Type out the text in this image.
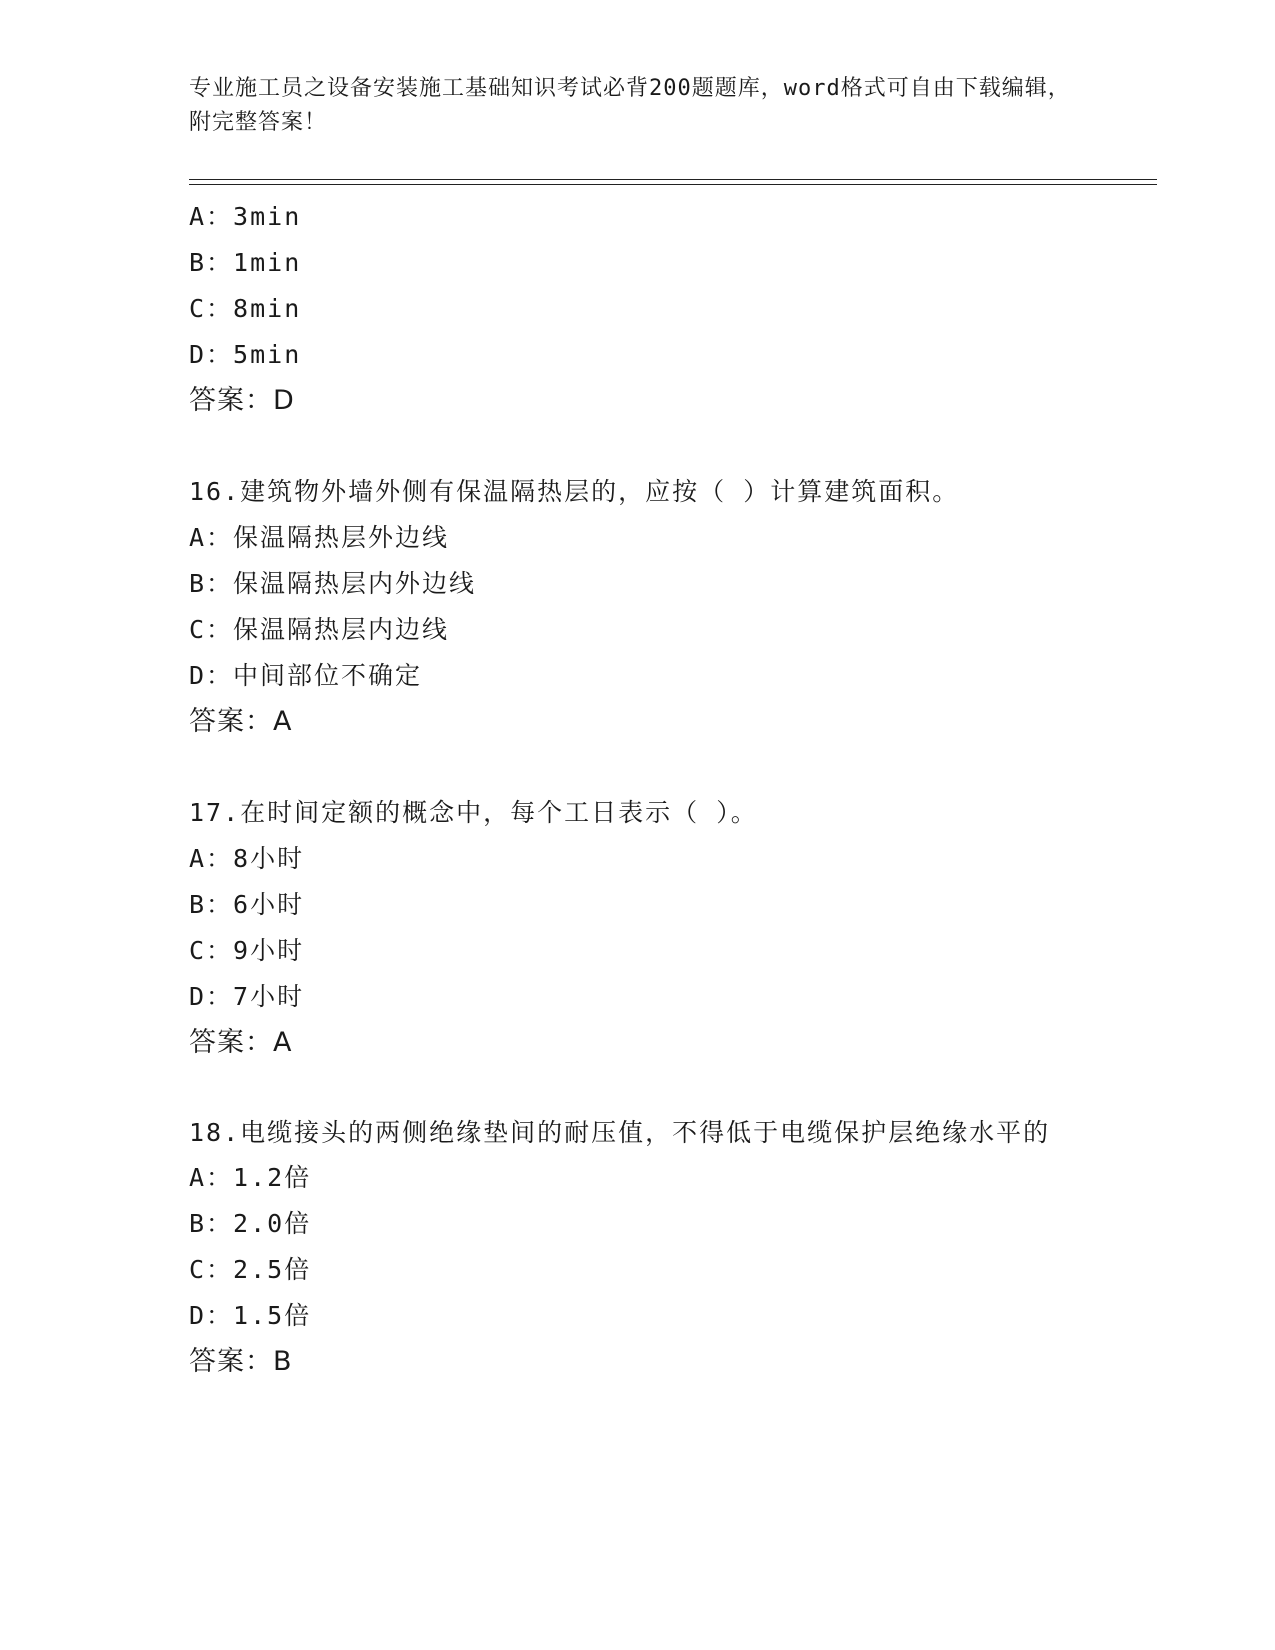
专业施工员之设备安装施工基础知识考试必背200题题库，word格式可自由下载编辑，附完整答案！
A：3min
B：1min
C：8min
D：5min
答案：D
16.建筑物外墙外侧有保温隔热层的，应按（ ）计算建筑面积。
A：保温隔热层外边线
B：保温隔热层内外边线
C：保温隔热层内边线
D：中间部位不确定
答案：A
17.在时间定额的概念中，每个工日表示（ ）。
A：8小时
B：6小时
C：9小时
D：7小时
答案：A
18.电缆接头的两侧绝缘垫间的耐压值，不得低于电缆保护层绝缘水平的
A：1.2倍
B：2.0倍
C：2.5倍
D：1.5倍
答案：B
